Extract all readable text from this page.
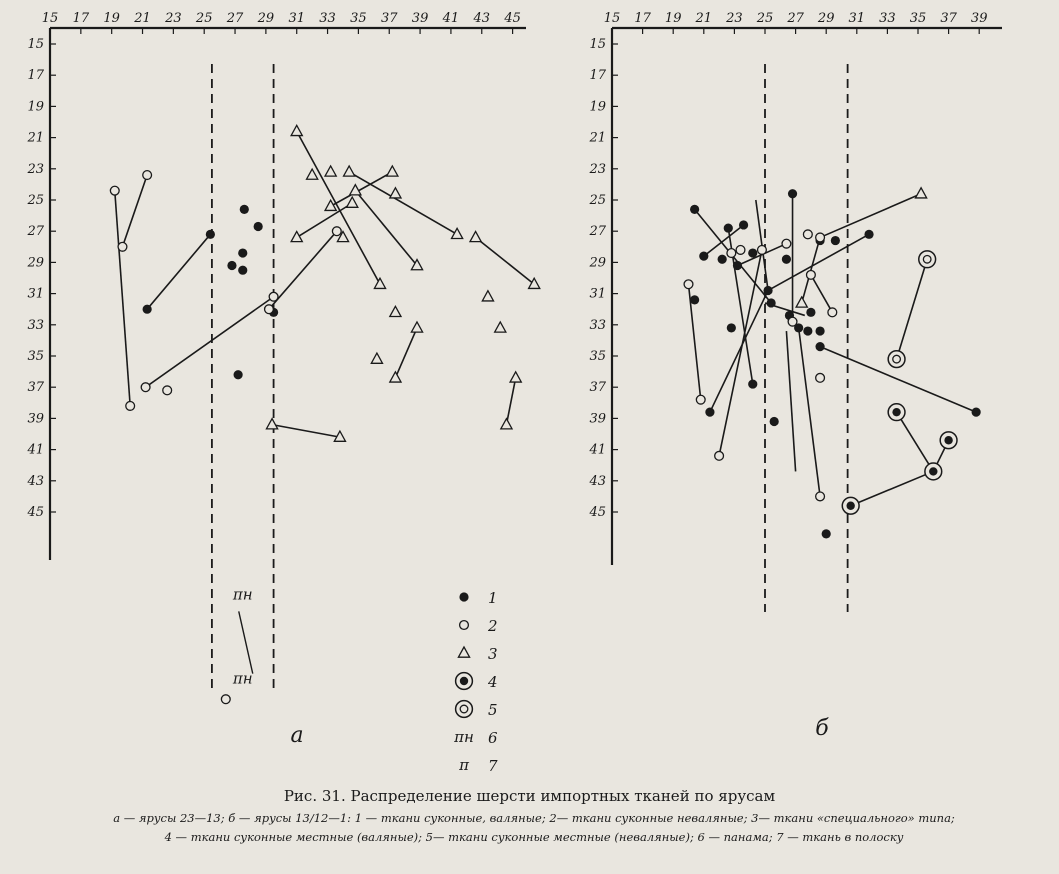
15 17 19 21 23 25 27 29 31 33 35 37 39 41 43 45
15
17
19
21
23
25
27
29
31
33
35
37
39
41
43
45
πн
πн
а
15 17 19 21 23 25 27 29 31 33 35 37 39
15
17
19
21
23
25
27
29
31
33
35
37
39
41
43
45
б
1
2
3
4
5
πн 6
π 7

Рис. 31. Распределение шерсти импортных тканей по ярусам

а — ярусы 23—13; б — ярусы 13/12—1: 1 — ткани суконные, валяные; 2— ткани суконные неваляные; 3— ткани «специального» типа;
4 — ткани суконные местные (валяные); 5— ткани суконные местные (неваляные); 6 — панама; 7 — ткань в полоску
